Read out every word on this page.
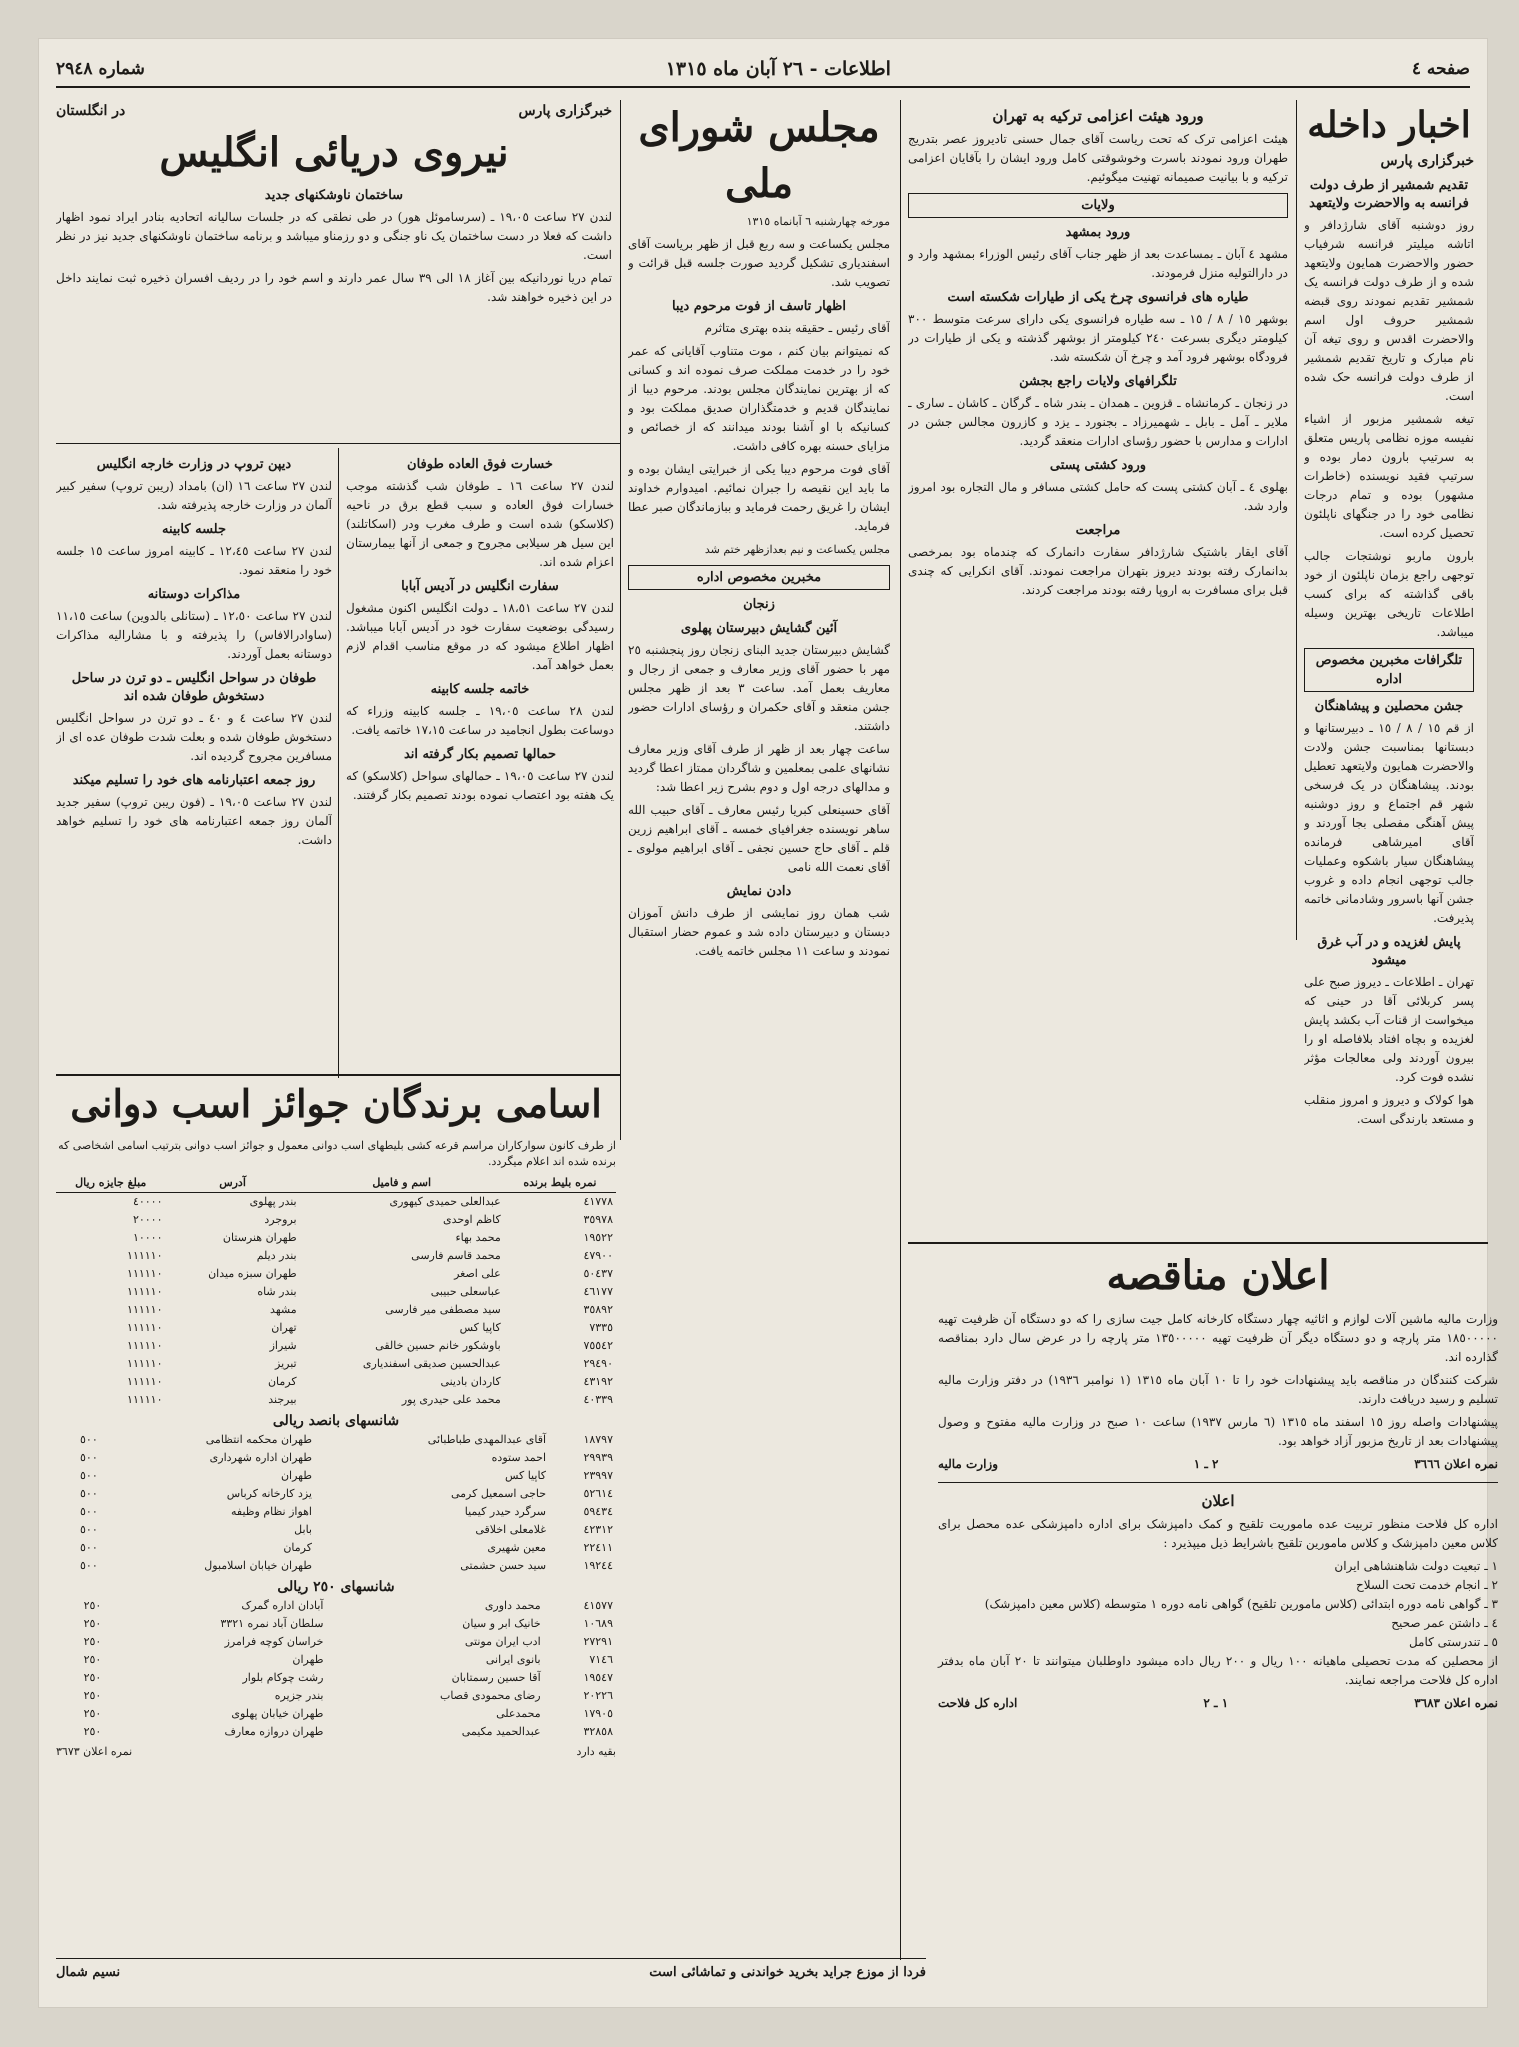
صفحه ٤
اطلاعات - ٢٦ آبان ماه ١٣١٥
شماره ٢٩٤٨
اخبار داخله
خبرگزاری پارس
تقدیم شمشیر از طرف دولت فرانسه به والاحضرت ولایتعهد

روز دوشنبه آقای شارژدافر و اتاشه میلیتر فرانسه شرفیاب حضور والاحضرت همایون ولایتعهد شده و از طرف دولت فرانسه یک شمشیر تقدیم نمودند روی قبضه شمشیر حروف اول اسم والاحضرت اقدس و روی تیغه آن نام مبارک و تاریخ تقدیم شمشیر از طرف دولت فرانسه حک شده است.

تیغه شمشیر مزبور از اشیاء نفیسه موزه نظامی پاریس متعلق به سرتیپ بارون دمار بوده و سرتیپ فقید نویسنده (خاطرات مشهور) بوده و تمام درجات نظامی خود را در جنگهای ناپلئون تحصیل کرده است.

بارون ماربو نوشتجات جالب توجهی راجع بزمان ناپلئون از خود باقی گذاشته که برای کسب اطلاعات تاریخی بهترین وسیله میباشد.

تلگرافات مخبرین مخصوص اداره
جشن محصلین و پیشاهنگان

از قم ١٥ / ٨ / ١٥ ـ دبیرستانها و دبستانها بمناسبت جشن ولادت والاحضرت همایون ولایتعهد تعطیل بودند. پیشاهنگان در یک فرسخی شهر قم اجتماع و روز دوشنبه پیش آهنگی مفصلی بجا آوردند و آقای امیرشاهی فرمانده پیشاهنگان سیار باشکوه وعملیات جالب توجهی انجام داده و غروب جشن آنها باسرور وشادمانی خاتمه پذیرفت.

پایش لغزیده و در آب غرق میشود

تهران ـ اطلاعات ـ دیروز صبح علی پسر کربلائی آقا در حینی که میخواست از قنات آب بکشد پایش لغزیده و بچاه افتاد بلافاصله او را بیرون آوردند ولی معالجات مؤثر نشده فوت کرد.

هوا کولاک و دیروز و امروز منقلب و مستعد بارندگی است.

ورود هیئت اعزامی ترکیه به تهران

هیئت اعزامی ترک که تحت ریاست آقای جمال حسنی تادیروز عصر بتدریج طهران ورود نمودند باسرت وخوشوقتی کامل ورود ایشان را بآقایان اعزامی ترکیه و با بیانیت صمیمانه تهنیت میگوئیم.

ولایات
ورود بمشهد

مشهد ٤ آبان ـ بمساعدت بعد از ظهر جناب آقای رئیس الوزراء بمشهد وارد و در دارالتولیه منزل فرمودند.

طیاره های فرانسوی چرخ یکی از طیارات شکسته است

بوشهر ١٥ / ٨ / ١٥ ـ سه طیاره فرانسوی یکی دارای سرعت متوسط ٣٠٠ کیلومتر دیگری بسرعت ٢٤٠ کیلومتر از بوشهر گذشته و یکی از طیارات در فرودگاه بوشهر فرود آمد و چرخ آن شکسته شد.

تلگرافهای ولایات راجع بجشن

در زنجان ـ کرمانشاه ـ قزوین ـ همدان ـ بندر شاه ـ گرگان ـ کاشان ـ ساری ـ ملایر ـ آمل ـ بابل ـ شهمیرزاد ـ بجنورد ـ یزد و کازرون مجالس جشن در ادارات و مدارس با حضور رؤسای ادارات منعقد گردید.

ورود کشتی پستی

بهلوی ٤ ـ آبان کشتی پست که حامل کشتی مسافر و مال التجاره بود امروز وارد شد.

مراجعت

آقای ایقار باشتیک شارژدافر سفارت دانمارک که چندماه بود بمرخصی بدانمارک رفته بودند دیروز بتهران مراجعت نمودند. آقای انکرایی که چندی قبل برای مسافرت به اروپا رفته بودند مراجعت کردند.

مجلس شورای ملی

مورخه چهارشنبه ٦ آبانماه ١٣١٥

مجلس یکساعت و سه ربع قبل از ظهر بریاست آقای اسفندیاری تشکیل گردید صورت جلسه قبل قرائت و تصویب شد.

اظهار تاسف از فوت مرحوم دیبا

آقای رئیس ـ حقیقه بنده بهتری متاثرم

که نمیتوانم بیان کنم ، موت متناوب آقایانی که عمر خود را در خدمت مملکت صرف نموده اند و کسانی که از بهترین نمایندگان مجلس بودند. مرحوم دیبا از نمایندگان قدیم و خدمتگذاران صدیق مملکت بود و کسانیکه با او آشنا بودند میدانند که از خصائص و مزایای حسنه بهره کافی داشت.

آقای فوت مرحوم دیبا یکی از خبرایتی ایشان بوده و ما باید این نقیصه را جبران نمائیم. امیدوارم خداوند ایشان را غریق رحمت فرماید و ببازماندگان صبر عطا فرماید.

مجلس یکساعت و نیم بعدازظهر ختم شد

مخبرین مخصوص اداره
زنجان
آئین گشایش دبیرستان پهلوی

گشایش دبیرستان جدید البنای زنجان روز پنجشنبه ٢٥ مهر با حضور آقای وزیر معارف و جمعی از رجال و معاریف بعمل آمد. ساعت ٣ بعد از ظهر مجلس جشن منعقد و آقای حکمران و رؤسای ادارات حضور داشتند.

ساعت چهار بعد از ظهر از طرف آقای وزیر معارف نشانهای علمی بمعلمین و شاگردان ممتاز اعطا گردید و مدالهای درجه اول و دوم بشرح زیر اعطا شد:

آقای حسینعلی کبریا رئیس معارف ـ آقای حبیب الله ساهر نویسنده جغرافیای خمسه ـ آقای ابراهیم زرین قلم ـ آقای حاج حسین نجفی ـ آقای ابراهیم مولوی ـ آقای نعمت الله نامی

دادن نمایش

شب همان روز نمایشی از طرف دانش آموزان دبستان و دبیرستان داده شد و عموم حضار استقبال نمودند و ساعت ١١ مجلس خاتمه یافت.

خبرگزاری پارس
در انگلستان
نیروی دریائی انگلیس
ساختمان ناوشکنهای جدید

لندن ٢٧ ساعت ١٩،٠٥ ـ (سرساموئل هور) در طی نطقی که در جلسات سالیانه اتحادیه بنادر ایراد نمود اظهار داشت که فعلا در دست ساختمان یک ناو جنگی و دو رزمناو میباشد و برنامه ساختمان ناوشکنهای جدید نیز در نظر است.

تمام دریا نوردانیکه بین آغاز ١٨ الی ٣٩ سال عمر دارند و اسم خود را در ردیف افسران ذخیره ثبت نمایند داخل در این ذخیره خواهند شد.

خسارت فوق العاده طوفان

لندن ٢٧ ساعت ١٦ ـ طوفان شب گذشته موجب خسارات فوق العاده و سبب قطع برق در ناحیه (کلاسکو) شده است و طرف مغرب ودر (اسکاتلند) این سیل هر سیلابی مجروح و جمعی از آنها بیمارستان اعزام شده اند.

سفارت انگلیس در آدیس آبابا

لندن ٢٧ ساعت ١٨،٥١ ـ دولت انگلیس اکنون مشغول رسیدگی بوضعیت سفارت خود در آدیس آبابا میباشد. اظهار اطلاع میشود که در موقع مناسب اقدام لازم بعمل خواهد آمد.

خاتمه جلسه کابینه

لندن ٢٨ ساعت ١٩،٠٥ ـ جلسه کابینه وزراء که دوساعت بطول انجامید در ساعت ١٧،١٥ خاتمه یافت.

حمالها تصمیم بکار گرفته اند

لندن ٢٧ ساعت ١٩،٠٥ ـ حمالهای سواحل (کلاسکو) که یک هفته بود اعتصاب نموده بودند تصمیم بکار گرفتند.

دیپن تروپ در وزارت خارجه انگلیس

لندن ٢٧ ساعت ١٦ (ان) بامداد (ریبن تروپ) سفیر کبیر آلمان در وزارت خارجه پذیرفته شد.

جلسه کابینه

لندن ٢٧ ساعت ١٢،٤٥ ـ کابینه امروز ساعت ١٥ جلسه خود را منعقد نمود.

مذاکرات دوستانه

لندن ٢٧ ساعت ١٢،٥٠ ـ (ستانلی بالدوین) ساعت ١١،١٥ (ساوادرالافاس) را پذیرفته و با مشارالیه مذاکرات دوستانه بعمل آوردند.

طوفان در سواحل انگلیس ـ دو ترن در ساحل دستخوش طوفان شده اند

لندن ٢٧ ساعت ٤ و ٤٠ ـ دو ترن در سواحل انگلیس دستخوش طوفان شده و بعلت شدت طوفان عده ای از مسافرین مجروح گردیده اند.

روز جمعه اعتبارنامه های خود را تسلیم میکند

لندن ٢٧ ساعت ١٩،٠٥ ـ (فون ریبن تروپ) سفیر جدید آلمان روز جمعه اعتبارنامه های خود را تسلیم خواهد داشت.

اسامی برندگان جوائز اسب دوانی

از طرف کانون سوارکاران مراسم قرعه کشی بلیطهای اسب دوانی معمول و جوائز اسب دوانی بترتیب اسامی اشخاصی که برنده شده اند اعلام میگردد.

نمره بلیط برنده	اسم و فامیل	آدرس	مبلغ جایزه ریال
٤١٧٧٨	عبدالعلی حمیدی کیهوری	بندر پهلوی	٤٠٠٠٠
٣٥٩٧٨	کاظم اوحدی	بروجرد	٢٠٠٠٠
١٩٥٢٢	محمد بهاء	طهران هنرستان	١٠٠٠٠
٤٧٩٠٠	محمد قاسم فارسی	بندر دیلم	١١١١١٠
٥٠٤٣٧	علی اصغر	طهران سبزه میدان	١١١١١٠
٤٦١٧٧	عباسعلی حبیبی	بندر شاه	١١١١١٠
٣٥٨٩٢	سید مصطفی میر فارسی	مشهد	١١١١١٠
٧٣٣٥	کاپیا کس	تهران	١١١١١٠
٧٥٥٤٢	باوشکور خانم حسین خالقی	شیراز	١١١١١٠
٢٩٤٩٠	عبدالحسین صدیقی اسفندیاری	تبریز	١١١١١٠
٤٣١٩٢	کاردان بادینی	کرمان	١١١١١٠
٤٠٣٣٩	محمد علی حیدری پور	بیرجند	١١١١١٠
شانسهای بانصد ریالی
١٨٧٩٧	آقای عبدالمهدی طباطبائی	طهران محکمه انتظامی	٥٠٠
٢٩٩٣٩	احمد ستوده	طهران اداره شهرداری	٥٠٠
٢٣٩٩٧	کاپیا کس	طهران	٥٠٠
٥٢٦١٤	حاجی اسمعیل کرمی	یزد کارخانه کرباس	٥٠٠
٥٩٤٣٤	سرگرد حیدر کیمیا	اهواز نظام وظیفه	٥٠٠
٤٢٣١٢	غلامعلی اخلاقی	بابل	٥٠٠
٢٢٤١١	معین شهیری	کرمان	٥٠٠
١٩٢٤٤	سید حسن حشمتی	طهران خیابان اسلامبول	٥٠٠
شانسهای ٢٥٠ ریالی
٤١٥٧٧	محمد داوری	آبادان اداره گمرک	٢٥٠
١٠٦٨٩	خانیک ابر و سیان	سلطان آباد نمره ٣٣٢١	٢٥٠
٢٧٢٩١	ادب ایران مونتی	خراسان کوچه فرامرز	٢٥٠
٧١٤٦	بانوی ایرانی	طهران	٢٥٠
١٩٥٤٧	آقا حسین رسمتابان	رشت چوکام بلوار	٢٥٠
٢٠٢٢٦	رضای محمودی قصاب	بندر جزیره	٢٥٠
١٧٩٠٥	محمدعلی	طهران خیابان پهلوی	٢٥٠
٣٢٨٥٨	عبدالحمید مکیمی	طهران دروازه معارف	٢٥٠
بقیه دارد
نمره اعلان ٣٦٧٣
فردا از موزع جراید بخرید خواندنی و تماشائی است
نسیم شمال
اعلان مناقصه

وزارت مالیه ماشین آلات لوازم و اثاثیه چهار دستگاه کارخانه کامل جیت سازی را که دو دستگاه آن ظرفیت تهیه ١٨٥٠٠٠٠٠ متر پارچه و دو دستگاه دیگر آن ظرفیت تهیه ١٣٥٠٠٠٠٠ متر پارچه را در عرض سال دارد بمناقصه گذارده اند.

شرکت کنندگان در مناقصه باید پیشنهادات خود را تا ١٠ آبان ماه ١٣١٥ (١ نوامبر ١٩٣٦) در دفتر وزارت مالیه تسلیم و رسید دریافت دارند.

پیشنهادات واصله روز ١٥ اسفند ماه ١٣١٥ (٦ مارس ١٩٣٧) ساعت ١٠ صبح در وزارت مالیه مفتوح و وصول پیشنهادات بعد از تاریخ مزبور آزاد خواهد بود.

نمره اعلان ٣٦٦٦
٢ ـ ١
وزارت مالیه
اعلان

اداره کل فلاحت منظور تربیت عده ماموریت تلقیح و کمک دامپزشک برای اداره دامپزشکی عده محصل برای کلاس معین دامپزشک و کلاس مامورین تلقیح باشرایط ذیل میپذیرد :

١ ـ تبعیت دولت شاهنشاهی ایران
٢ ـ انجام خدمت تحت السلاح
٣ ـ گواهی نامه دوره ابتدائی (کلاس مامورین تلقیح) گواهی نامه دوره ١ متوسطه (کلاس معین دامپزشک)
٤ ـ داشتن عمر صحیح
٥ ـ تندرستی کامل

از محصلین که مدت تحصیلی ماهیانه ١٠٠ ریال و ٢٠٠ ریال داده میشود داوطلبان میتوانند تا ٢٠ آبان ماه بدفتر اداره کل فلاحت مراجعه نمایند.

نمره اعلان ٣٦٨٣
١ ـ ٢
اداره کل فلاحت
